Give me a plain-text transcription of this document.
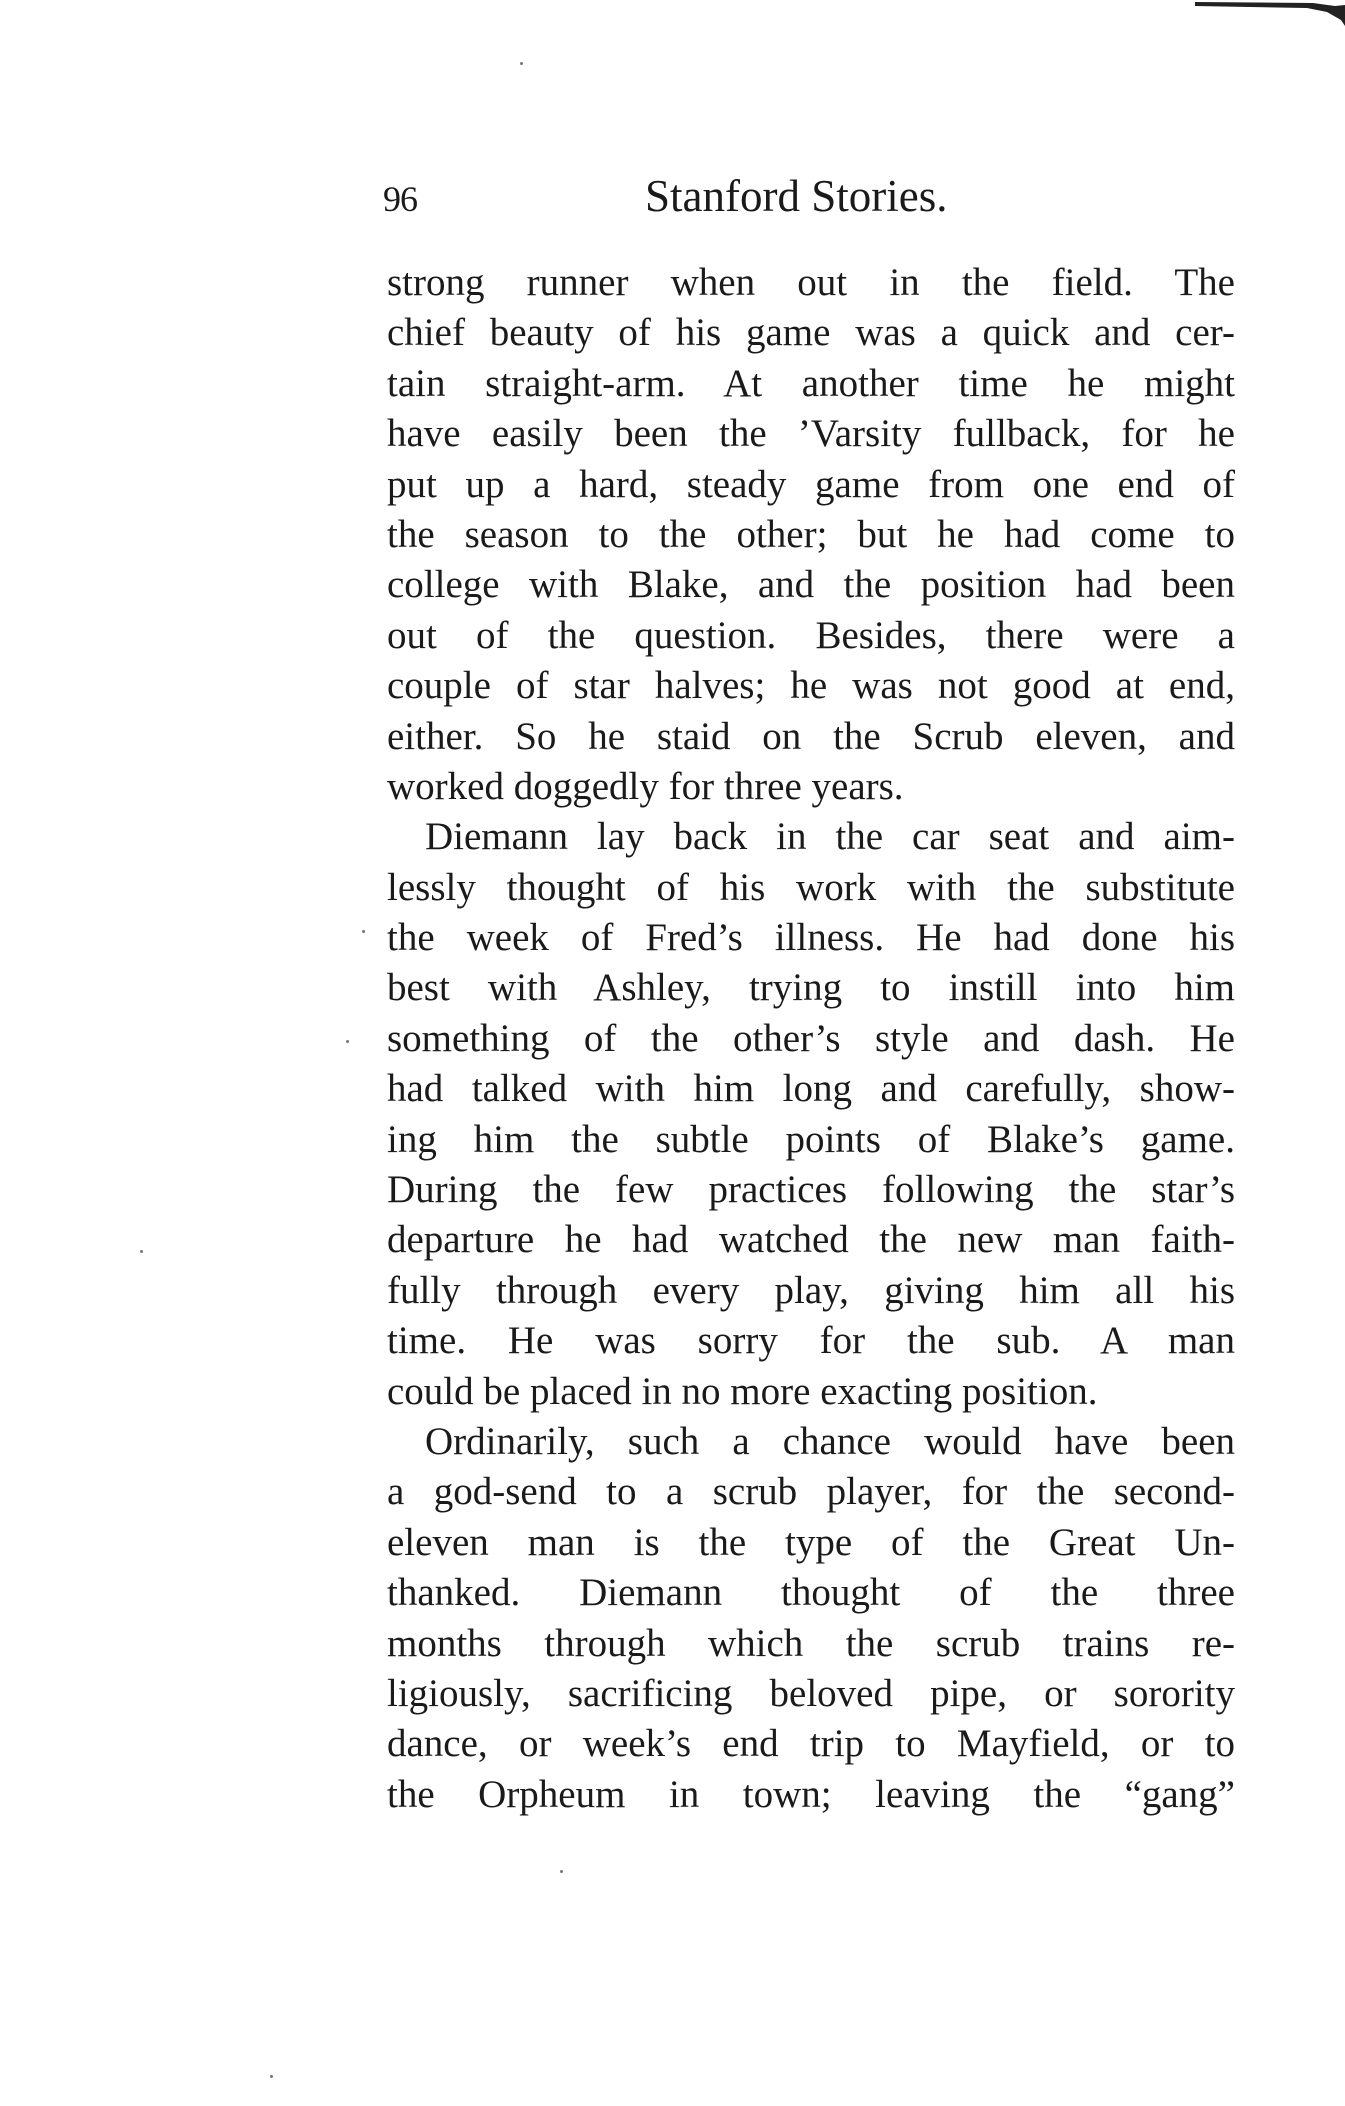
96	Stanford Stories.
strong runner when out in the field. The
chief beauty of his game was a quick and cer-
tain straight-arm. At another time he might
have easily been the ’Varsity fullback, for he
put up a hard, steady game from one end of
the season to the other; but he had come to
college with Blake, and the position had been
out of the question. Besides, there were a
couple of star halves; he was not good at end,
either. So he staid on the Scrub eleven, and
worked doggedly for three years.
Diemann lay back in the car seat and aim-
lessly thought of his work with the substitute
the week of Fred’s illness. He had done his
best with Ashley, trying to instill into him
something of the other’s style and dash. He
had talked with him long and carefully, show-
ing him the subtle points of Blake’s game.
During the few practices following the star’s
departure he had watched the new man faith-
fully through every play, giving him all his
time. He was sorry for the sub. A man
could be placed in no more exacting position.
Ordinarily, such a chance would have been
a god-send to a scrub player, for the second-
eleven man is the type of the Great Un-
thanked. Diemann thought of the three
months through which the scrub trains re-
ligiously, sacrificing beloved pipe, or sorority
dance, or week’s end trip to Mayfield, or to
the Orpheum in town; leaving the “gang”
